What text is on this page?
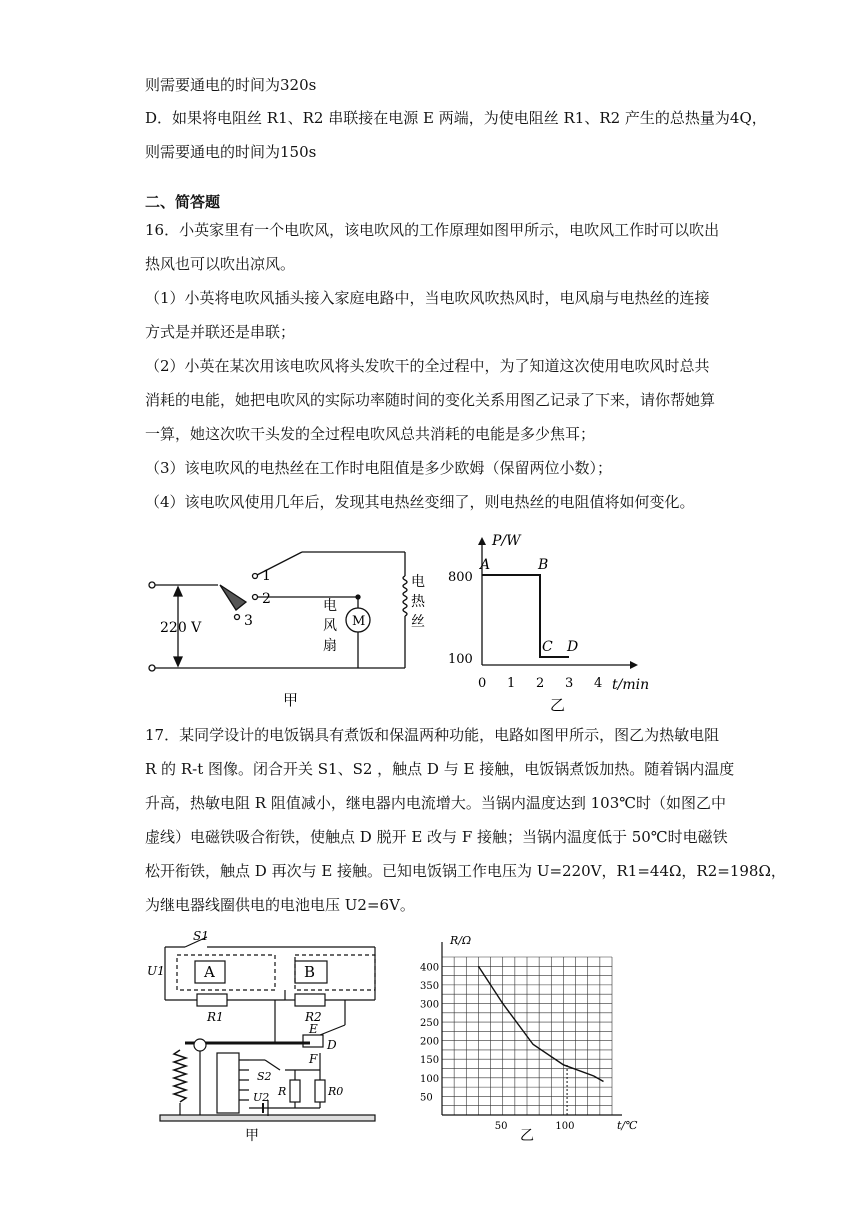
则需要通电的时间为320s
D．如果将电阻丝 R1、R2 串联接在电源 E 两端，为使电阻丝 R1、R2 产生的总热量为4Q，
则需要通电的时间为150s
二、简答题
16．小英家里有一个电吹风，该电吹风的工作原理如图甲所示，电吹风工作时可以吹出
热风也可以吹出凉风。
（1）小英将电吹风插头接入家庭电路中，当电吹风吹热风时，电风扇与电热丝的连接
方式是并联还是串联；
（2）小英在某次用该电吹风将头发吹干的全过程中，为了知道这次使用电吹风时总共
消耗的电能，她把电吹风的实际功率随时间的变化关系用图乙记录了下来，请你帮她算
一算，她这次吹干头发的全过程电吹风总共消耗的电能是多少焦耳；
（3）该电吹风的电热丝在工作时电阻值是多少欧姆（保留两位小数）；
（4）该电吹风使用几年后，发现其电热丝变细了，则电热丝的电阻值将如何变化。
220 V
1
2
3
电
风
扇
M
电
热
丝
甲
P/W
t/min
0 1 2 3 4
100
800
A	B
C D
乙
17．某同学设计的电饭锅具有煮饭和保温两种功能，电路如图甲所示，图乙为热敏电阻
R 的 R-t 图像。闭合开关 S1、S2 ，触点 D 与 E 接触，电饭锅煮饭加热。随着锅内温度
升高，热敏电阻 R 阻值减小，继电器内电流增大。当锅内温度达到 103℃时（如图乙中
虚线）电磁铁吸合衔铁，使触点 D 脱开 E 改与 F 接触；当锅内温度低于 50℃时电磁铁
松开衔铁，触点 D 再次与 E 接触。已知电饭锅工作电压为 U=220V，R1=44Ω，R2=198Ω，
为继电器线圈供电的电池电压 U2=6V。
S1
U1	A	B
R1	R2
E
D
F
S2
R	R0
U2
甲
R/Ω
t/℃
50
100
150
200
250
300
350
400
50	100
乙
